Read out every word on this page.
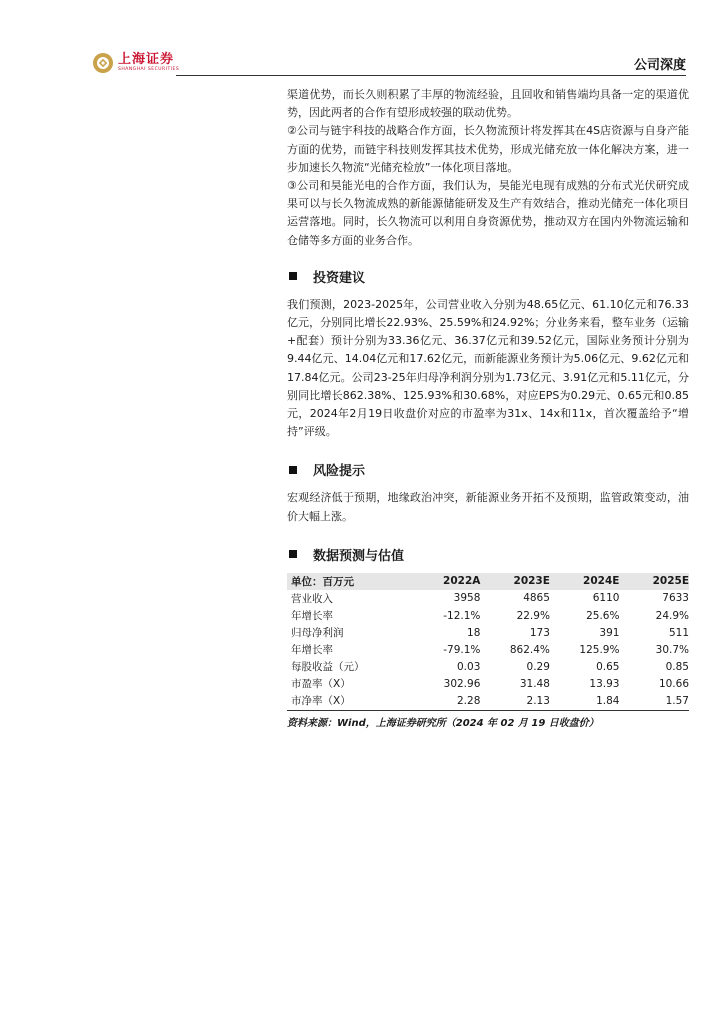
上海证券
SHANGHAI SECURITIES	公司深度

渠道优势，而长久则积累了丰厚的物流经验，且回收和销售端均具备一定的渠道优势，因此两者的合作有望形成较强的联动优势。

②公司与链宇科技的战略合作方面，长久物流预计将发挥其在4S店资源与自身产能方面的优势，而链宇科技则发挥其技术优势，形成光储充放一体化解决方案，进一步加速长久物流“光储充检放”一体化项目落地。

③公司和昊能光电的合作方面，我们认为，昊能光电现有成熟的分布式光伏研究成果可以与长久物流成熟的新能源储能研发及生产有效结合，推动光储充一体化项目运营落地。同时，长久物流可以利用自身资源优势，推动双方在国内外物流运输和仓储等多方面的业务合作。

投资建议

我们预测，2023-2025年，公司营业收入分别为48.65亿元、61.10亿元和76.33亿元，分别同比增长22.93%、25.59%和24.92%；分业务来看，整车业务（运输+配套）预计分别为33.36亿元、36.37亿元和39.52亿元，国际业务预计分别为9.44亿元、14.04亿元和17.62亿元，而新能源业务预计为5.06亿元、9.62亿元和17.84亿元。公司23-25年归母净利润分别为1.73亿元、3.91亿元和5.11亿元，分别同比增长862.38%、125.93%和30.68%，对应EPS为0.29元、0.65元和0.85元，2024年2月19日收盘价对应的市盈率为31x、14x和11x，首次覆盖给予“增持”评级。

风险提示

宏观经济低于预期，地缘政治冲突，新能源业务开拓不及预期，监管政策变动，油价大幅上涨。

数据预测与估值
单位：百万元	2022A	2023E	2024E	2025E
营业收入	3958	4865	6110	7633
年增长率	-12.1%	22.9%	25.6%	24.9%
归母净利润	18	173	391	511
年增长率	-79.1%	862.4%	125.9%	30.7%
每股收益（元）	0.03	0.29	0.65	0.85
市盈率（X）	302.96	31.48	13.93	10.66
市净率（X）	2.28	2.13	1.84	1.57
资料来源：Wind，上海证券研究所（2024 年 02 月 19 日收盘价）
